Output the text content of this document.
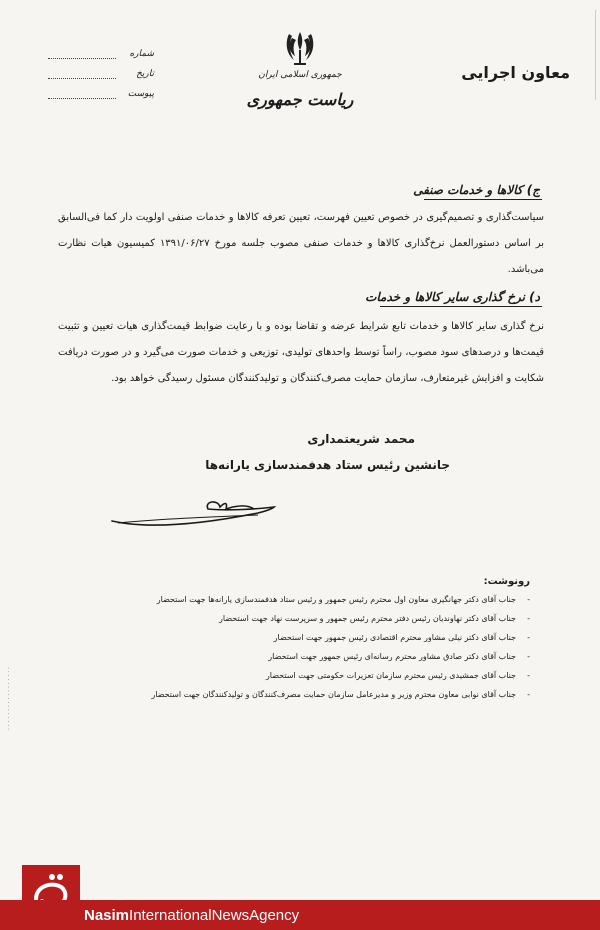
شماره
تاریخ
پیوست
جمهوری اسلامی ایران
ریاست جمهوری
معاون اجرایی
ج) کالاها و خدمات صنفی

سیاست‌گذاری و تصمیم‌گیری در خصوص تعیین فهرست، تعیین تعرفه کالاها و خدمات صنفی اولویت دار کما فی‌السابق بر اساس دستورالعمل نرخ‌گذاری کالاها و خدمات صنفی مصوب جلسه مورخ ۱۳۹۱/۰۶/۲۷ کمیسیون هیات نظارت می‌باشد.

د) نرخ گذاری سایر کالاها و خدمات

نرخ گذاری سایر کالاها و خدمات تابع شرایط عرضه و تقاضا بوده و با رعایت ضوابط قیمت‌گذاری هیات تعیین و تثبیت قیمت‌ها و درصدهای سود مصوب، راساً توسط واحدهای تولیدی، توزیعی و خدمات صورت می‌گیرد و در صورت دریافت شکایت و افزایش غیرمتعارف، سازمان حمایت مصرف‌کنندگان و تولیدکنندگان مسئول رسیدگی خواهد بود.

محمد شریعتمداری
جانشین رئیس ستاد هدفمندسازی یارانه‌ها
رونوشت:
- جناب آقای دکتر جهانگیری معاون اول محترم رئیس جمهور و رئیس ستاد هدفمندسازی یارانه‌ها جهت استحضار
- جناب آقای دکتر نهاوندیان رئیس دفتر محترم رئیس جمهور و سرپرست نهاد جهت استحضار
- جناب آقای دکتر نیلی مشاور محترم اقتصادی رئیس جمهور جهت استحضار
- جناب آقای دکتر صادق مشاور محترم رسانه‌ای رئیس جمهور جهت استحضار
- جناب آقای جمشیدی رئیس محترم سازمان تعزیرات حکومتی جهت استحضار
- جناب آقای نوابی معاون محترم وزیر و مدیرعامل سازمان حمایت مصرف‌کنندگان و تولیدکنندگان جهت استحضار
. . . . . . . . . . . . . . . . .
Nasim InternationalNewsAgency
